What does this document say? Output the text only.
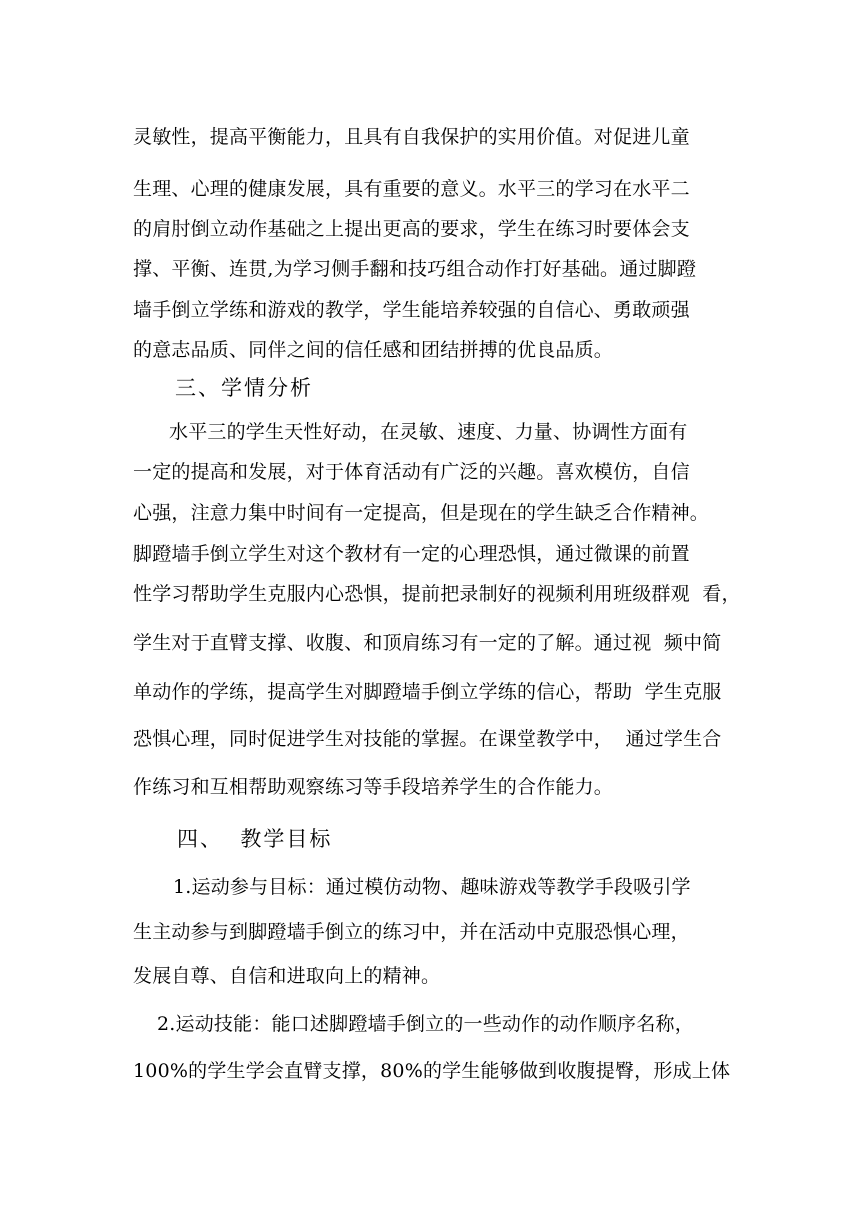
灵敏性，提高平衡能力，且具有自我保护的实用价值。对促进儿童
生理、心理的健康发展，具有重要的意义。水平三的学习在水平二
的肩肘倒立动作基础之上提出更高的要求，学生在练习时要体会支
撑、平衡、连贯,为学习侧手翻和技巧组合动作打好基础。通过脚蹬
墙手倒立学练和游戏的教学，学生能培养较强的自信心、勇敢顽强
的意志品质、同伴之间的信任感和团结拼搏的优良品质。
三、学情分析
水平三的学生天性好动，在灵敏、速度、力量、协调性方面有
一定的提高和发展，对于体育活动有广泛的兴趣。喜欢模仿，自信
心强，注意力集中时间有一定提高，但是现在的学生缺乏合作精神。
脚蹬墙手倒立学生对这个教材有一定的心理恐惧，通过微课的前置
性学习帮助学生克服内心恐惧，提前把录制好的视频利用班级群观  看，
学生对于直臂支撑、收腹、和顶肩练习有一定的了解。通过视  频中简
单动作的学练，提高学生对脚蹬墙手倒立学练的信心，帮助  学生克服
恐惧心理，同时促进学生对技能的掌握。在课堂教学中，  通过学生合
作练习和互相帮助观察练习等手段培养学生的合作能力。
四、  教学目标
1.运动参与目标：通过模仿动物、趣味游戏等教学手段吸引学
生主动参与到脚蹬墙手倒立的练习中，并在活动中克服恐惧心理，
发展自尊、自信和进取向上的精神。
2.运动技能：能口述脚蹬墙手倒立的一些动作的动作顺序名称，
100%的学生学会直臂支撑，80%的学生能够做到收腹提臀，形成上体
